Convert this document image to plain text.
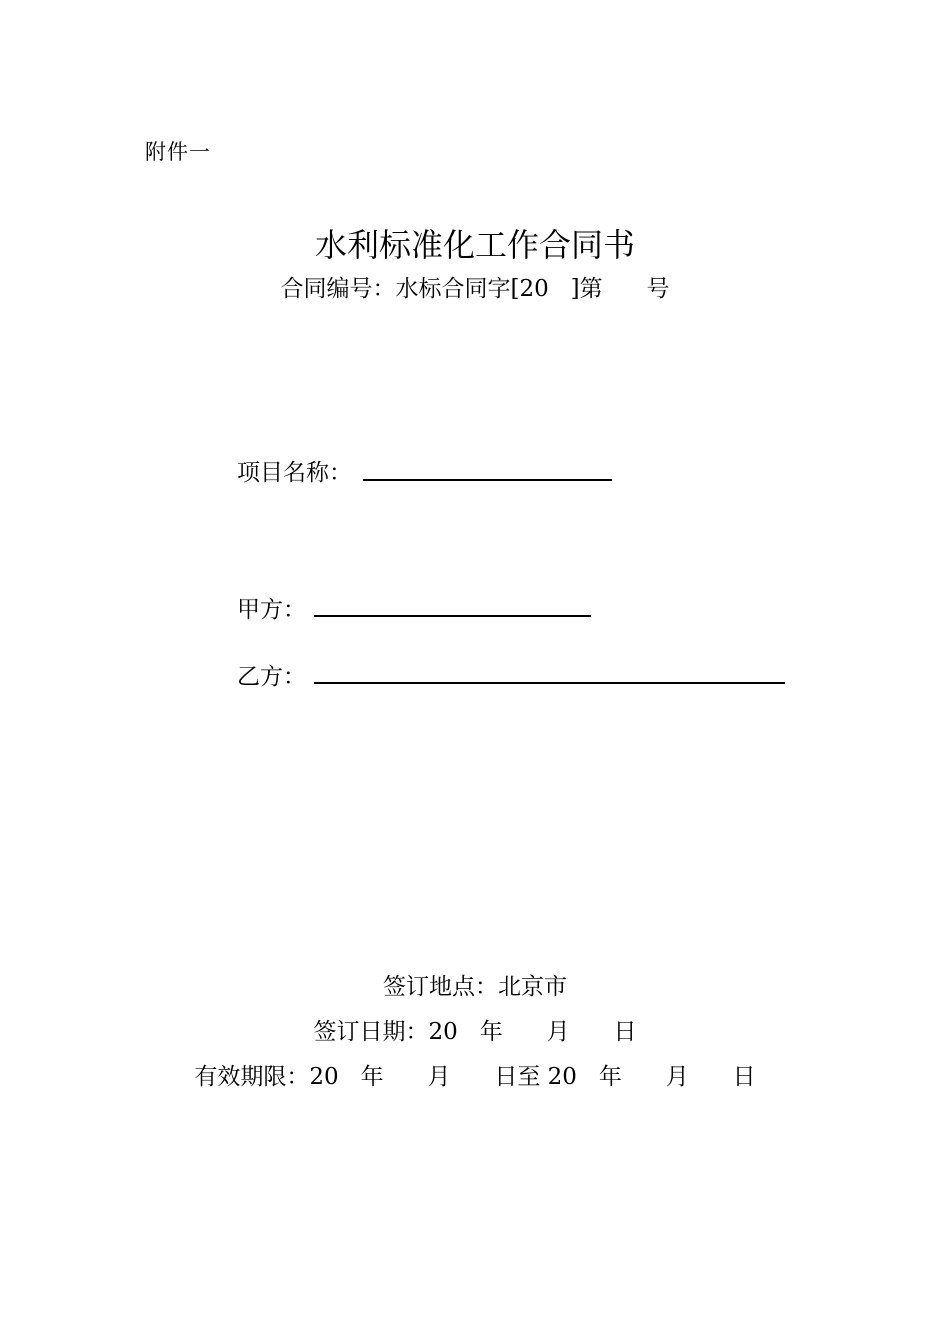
附件一
水利标准化工作合同书
合同编号：水标合同字[20   ]第      号
项目名称：
甲方：
乙方：
签订地点：北京市
签订日期：20   年      月      日
有效期限：20   年      月      日至 20   年      月      日
